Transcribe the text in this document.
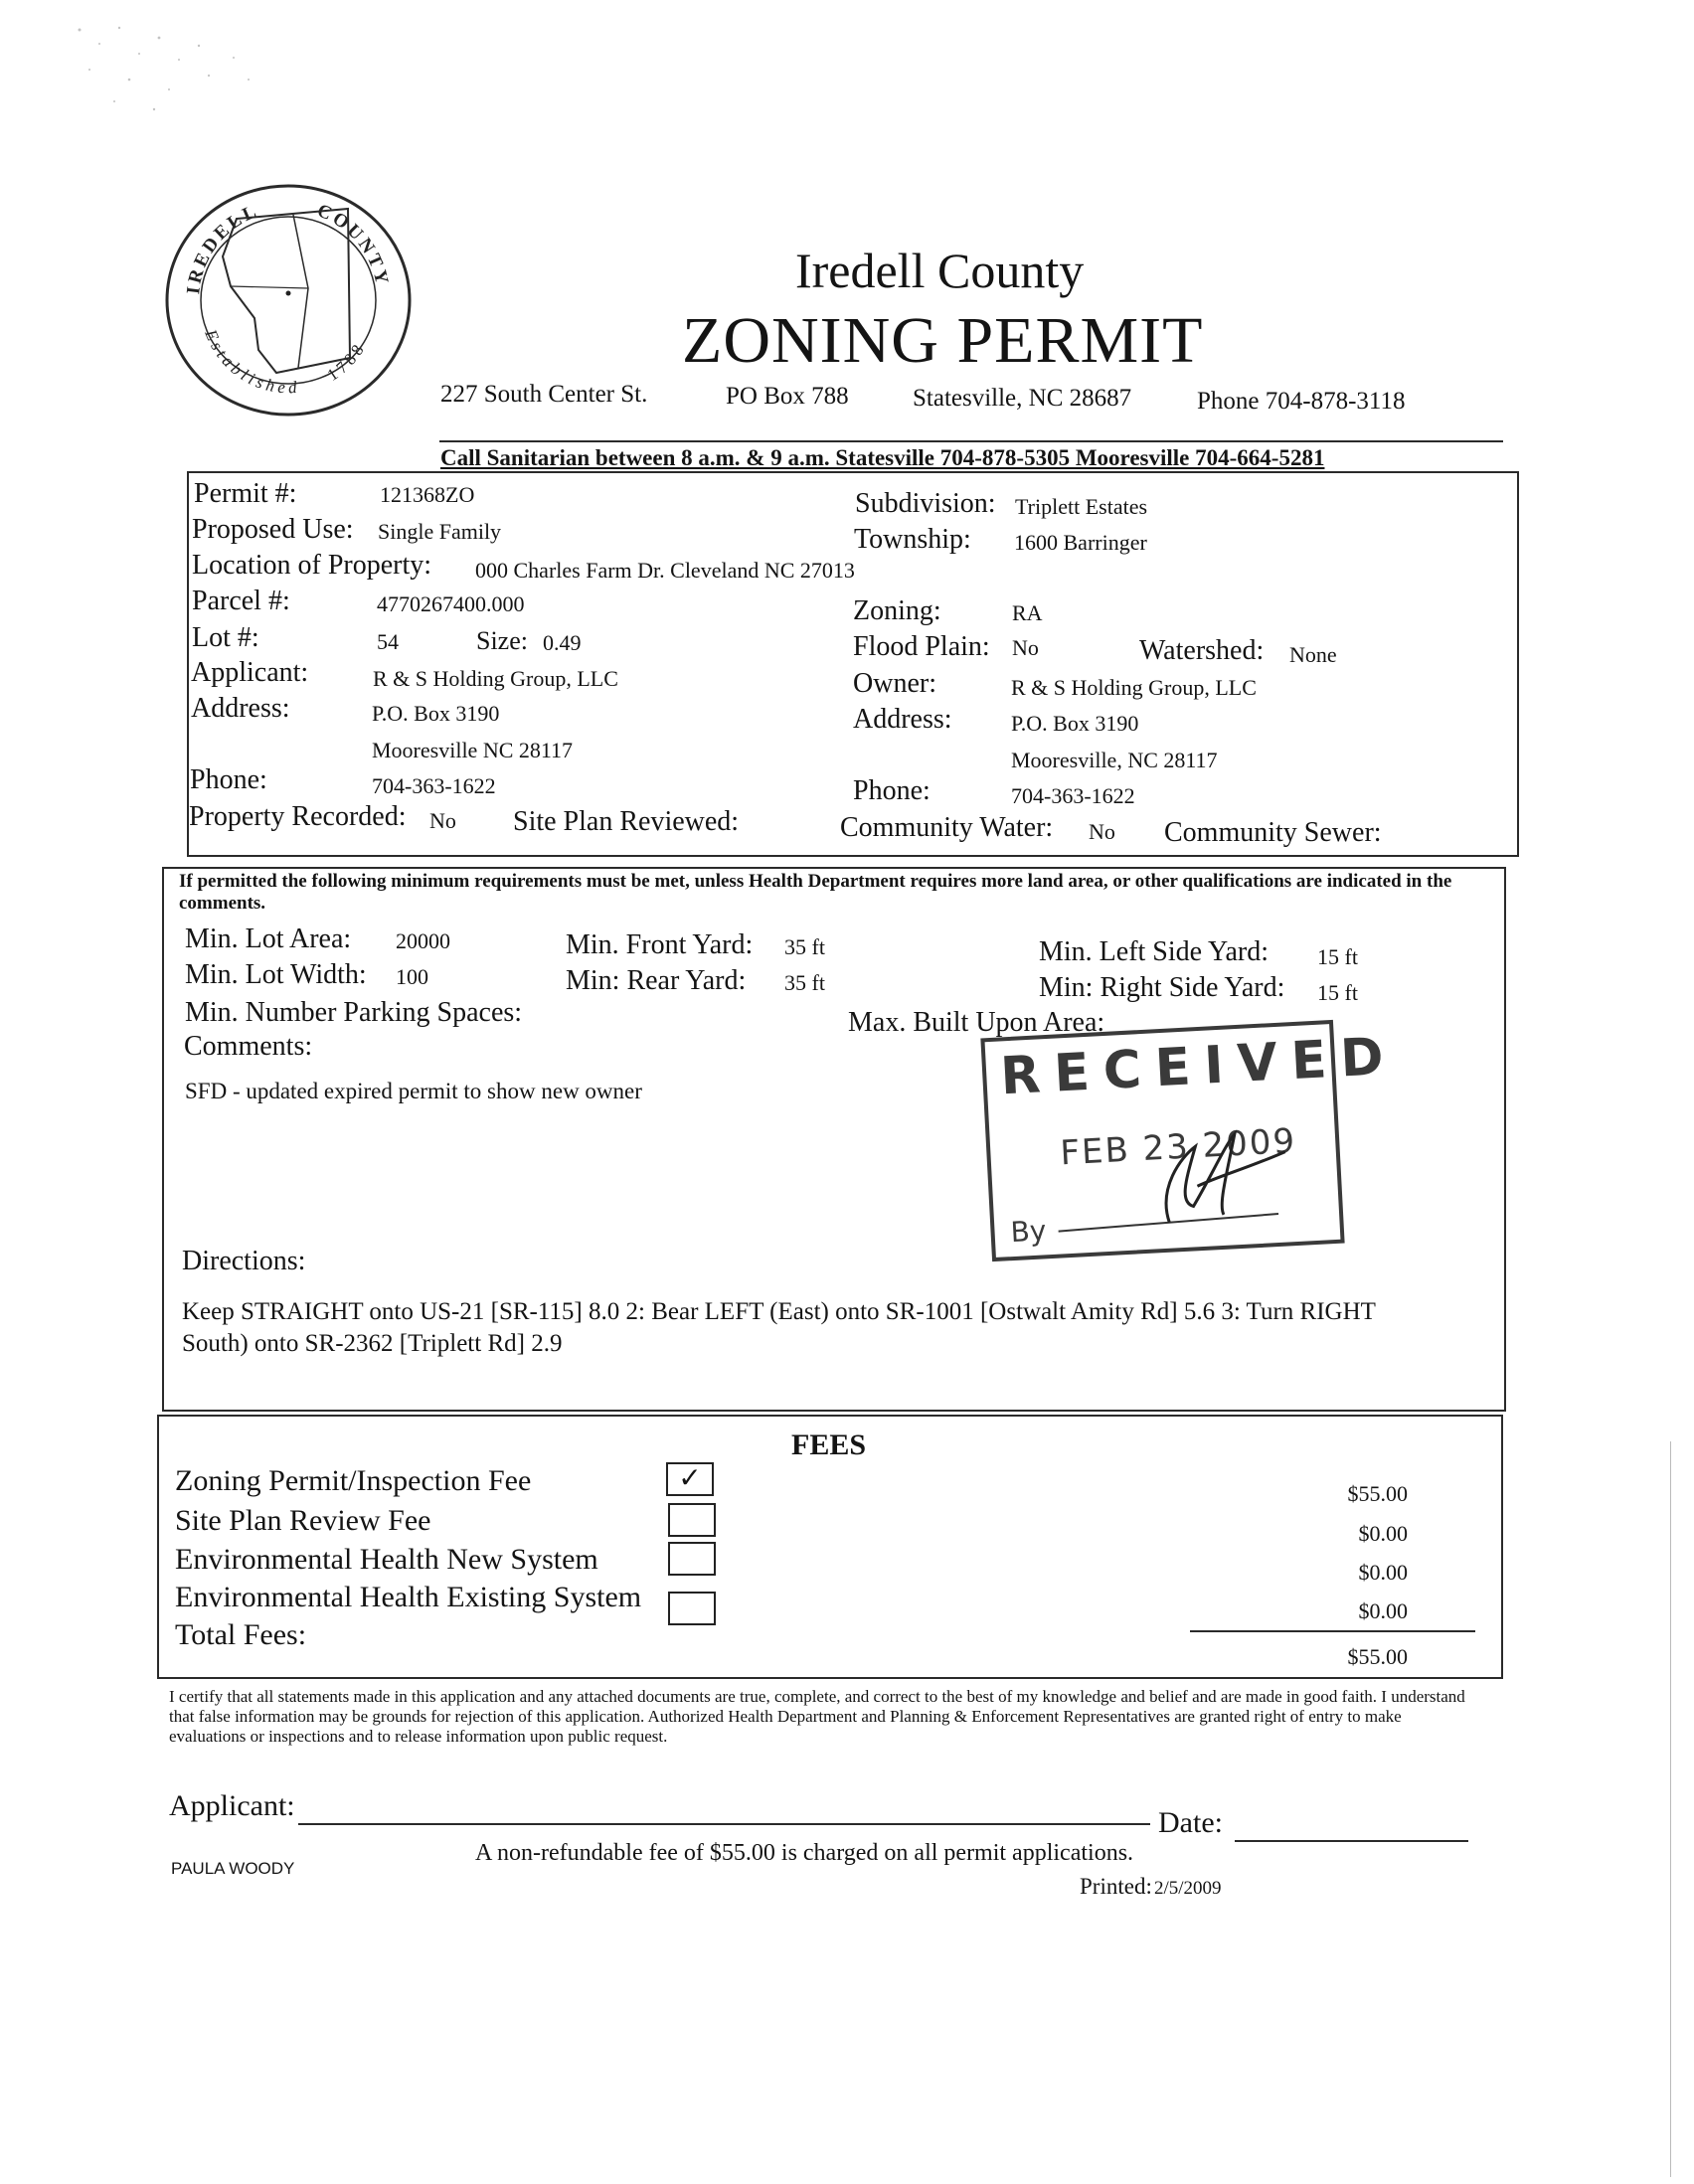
IREDELL	COUNTY
Established
1788
Iredell County
ZONING PERMIT
227 South Center St.	PO Box 788	Statesville, NC 28687	Phone 704-878-3118
Call Sanitarian between 8 a.m. & 9 a.m. Statesville 704-878-5305 Mooresville 704-664-5281
Permit #:	121368ZO
Proposed Use: Single Family
Location of Property: 000 Charles Farm Dr. Cleveland NC 27013
Parcel #:	4770267400.000
Lot #:	54	Size: 0.49
Applicant:	R & S Holding Group, LLC
Address:	P.O. Box 3190
Mooresville NC 28117
Phone:	704-363-1622
Property Recorded: No Site Plan Reviewed:
Subdivision: Triplett Estates
Township: 1600 Barringer
Zoning:	RA
Flood Plain: No	Watershed: None
Owner:	R & S Holding Group, LLC
Address:	P.O. Box 3190
Mooresville, NC 28117
Phone:	704-363-1622
Community Water: No Community Sewer:
If permitted the following minimum requirements must be met, unless Health Department requires more land area, or other qualifications are indicated in the comments.
Min. Lot Area: 20000
Min. Lot Width: 100
Min. Front Yard: 35 ft
Min: Rear Yard: 35 ft
Min. Left Side Yard: 15 ft
Min: Right Side Yard: 15 ft
Min. Number Parking Spaces:	Max. Built Upon Area:
Comments:
SFD - updated expired permit to show new owner	RECEIVED
FEB 23 2009
By
Directions:
Keep STRAIGHT onto US-21 [SR-115] 8.0 2: Bear LEFT (East) onto SR-1001 [Ostwalt Amity Rd] 5.6 3: Turn RIGHT
South) onto SR-2362 [Triplett Rd] 2.9
FEES
Zoning Permit/Inspection Fee	✓	$55.00
Site Plan Review Fee	$0.00
Environmental Health New System	$0.00
Environmental Health Existing System	$0.00
Total Fees:
$55.00
I certify that all statements made in this application and any attached documents are true, complete, and correct to the best of my knowledge and belief and are made in good faith. I understand that false information may be grounds for rejection of this application. Authorized Health Department and Planning & Enforcement Representatives are granted right of entry to make evaluations or inspections and to release information upon public request.
Applicant:
Date:
A non-refundable fee of $55.00 is charged on all permit applications.
PAULA WOODY
Printed: 2/5/2009
